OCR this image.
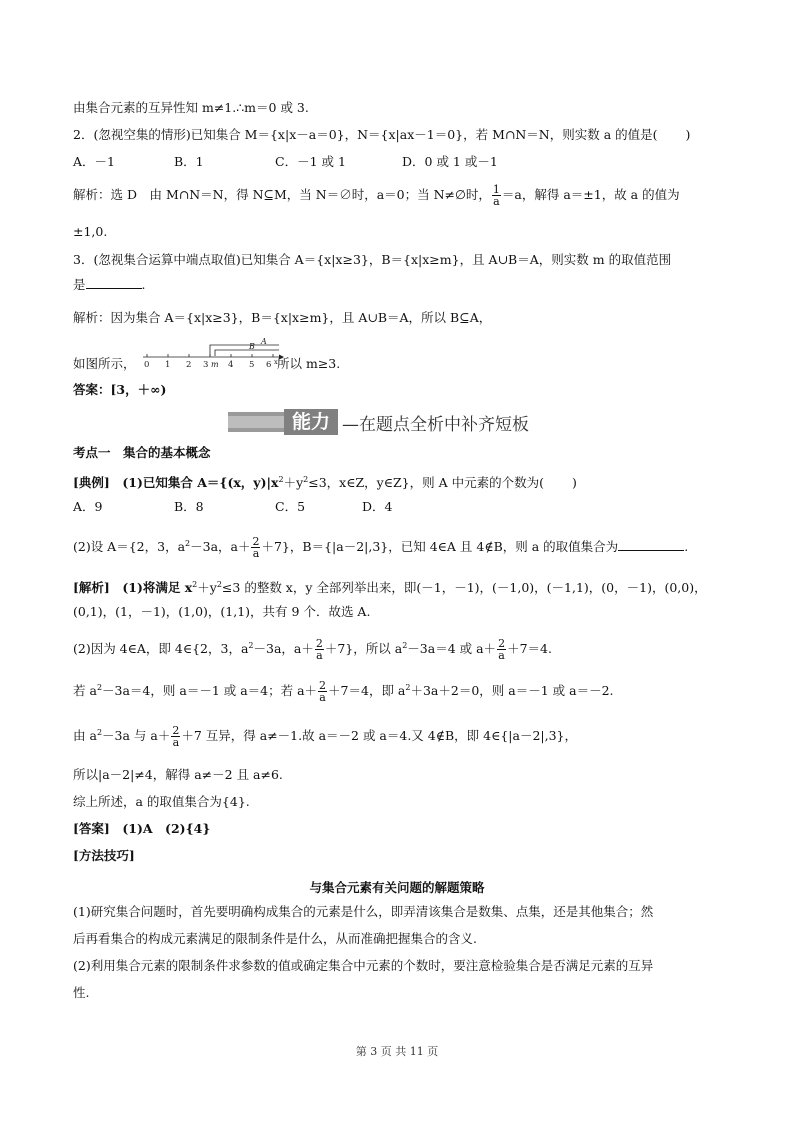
由集合元素的互异性知 m≠1.∴m＝0 或 3.
2．(忽视空集的情形)已知集合 M＝{x|x－a＝0}，N＝{x|ax－1＝0}，若 M∩N＝N，则实数 a 的值是( )
A．－1	B．1	C．－1 或 1	D．0 或 1 或－1
解析：选 D　由 M∩N＝N，得 N⊆M，当 N＝∅时，a＝0；当 N≠∅时， $\frac{1}{a} =a$，解得 a＝±1，故 a 的值为
±1,0.
3．(忽视集合运算中端点取值)已知集合 A＝{x|x≥3}，B＝{x|x≥m}，且 A∪B＝A，则实数 m 的取值范围
是	.
解析：因为集合 A＝{x|x≥3}，B＝{x|x≥m}，且 A∪B＝A，所以 B⊆A，
如图所示， 0 1 2 3 4 5 6 x
m
A
B
所以 m≥3.
答案：[3，＋∞)
能力 —在题点全析中补齐短板
考点一　集合的基本概念
[典例]　(1)已知集合 A＝{(x，$y)|x^2+y^2\le 3$，x∈Z，y∈Z}，则 A 中元素的个数为( )
A．9	B．8	C．5	D．4
(2)设 A＝{2，3，$a^2-3a$，$a+ \frac{2}{a} +7$}，B＝{|a－2|,3}，已知 4∈A 且 4∉B，则 a 的取值集合为	.
[解析]　(1)将满足 $x^2+y^2\le 3$ 的整数 x，y 全部列举出来，即(－1，－1)，(－1,0)，(－1,1)，(0，－1)，(0,0)，
(0,1)，(1，－1)，(1,0)，(1,1)，共有 9 个．故选 A.
(2)因为 4∈A，即 4∈{2，3，$a^2-3a$，$a+ \frac{2}{a} +7$}，所以 $a^2-3a=4$ 或 $a+ \frac{2}{a} +7=4$.
若 $a^2-3a=4$，则 a＝－1 或 a＝4；若 $a+ \frac{2}{a} +7=4$，即 $a^2+3a+2=0$，则 a＝－1 或 a＝－2.
由 $a^2-3a$ 与 $a+ \frac{2}{a} +7$ 互异，得 a≠－1.故 a＝－2 或 a＝4.又 4∉B，即 4∈{|a－2|,3}，
所以|a－2|≠4，解得 a≠－2 且 a≠6.
综上所述，a 的取值集合为{4}.
[答案]　(1)A　(2){4}
[方法技巧]
与集合元素有关问题的解题策略
(1)研究集合问题时，首先要明确构成集合的元素是什么，即弄清该集合是数集、点集，还是其他集合；然
后再看集合的构成元素满足的限制条件是什么，从而准确把握集合的含义.
(2)利用集合元素的限制条件求参数的值或确定集合中元素的个数时，要注意检验集合是否满足元素的互异
性.
第 3 页 共 11 页
